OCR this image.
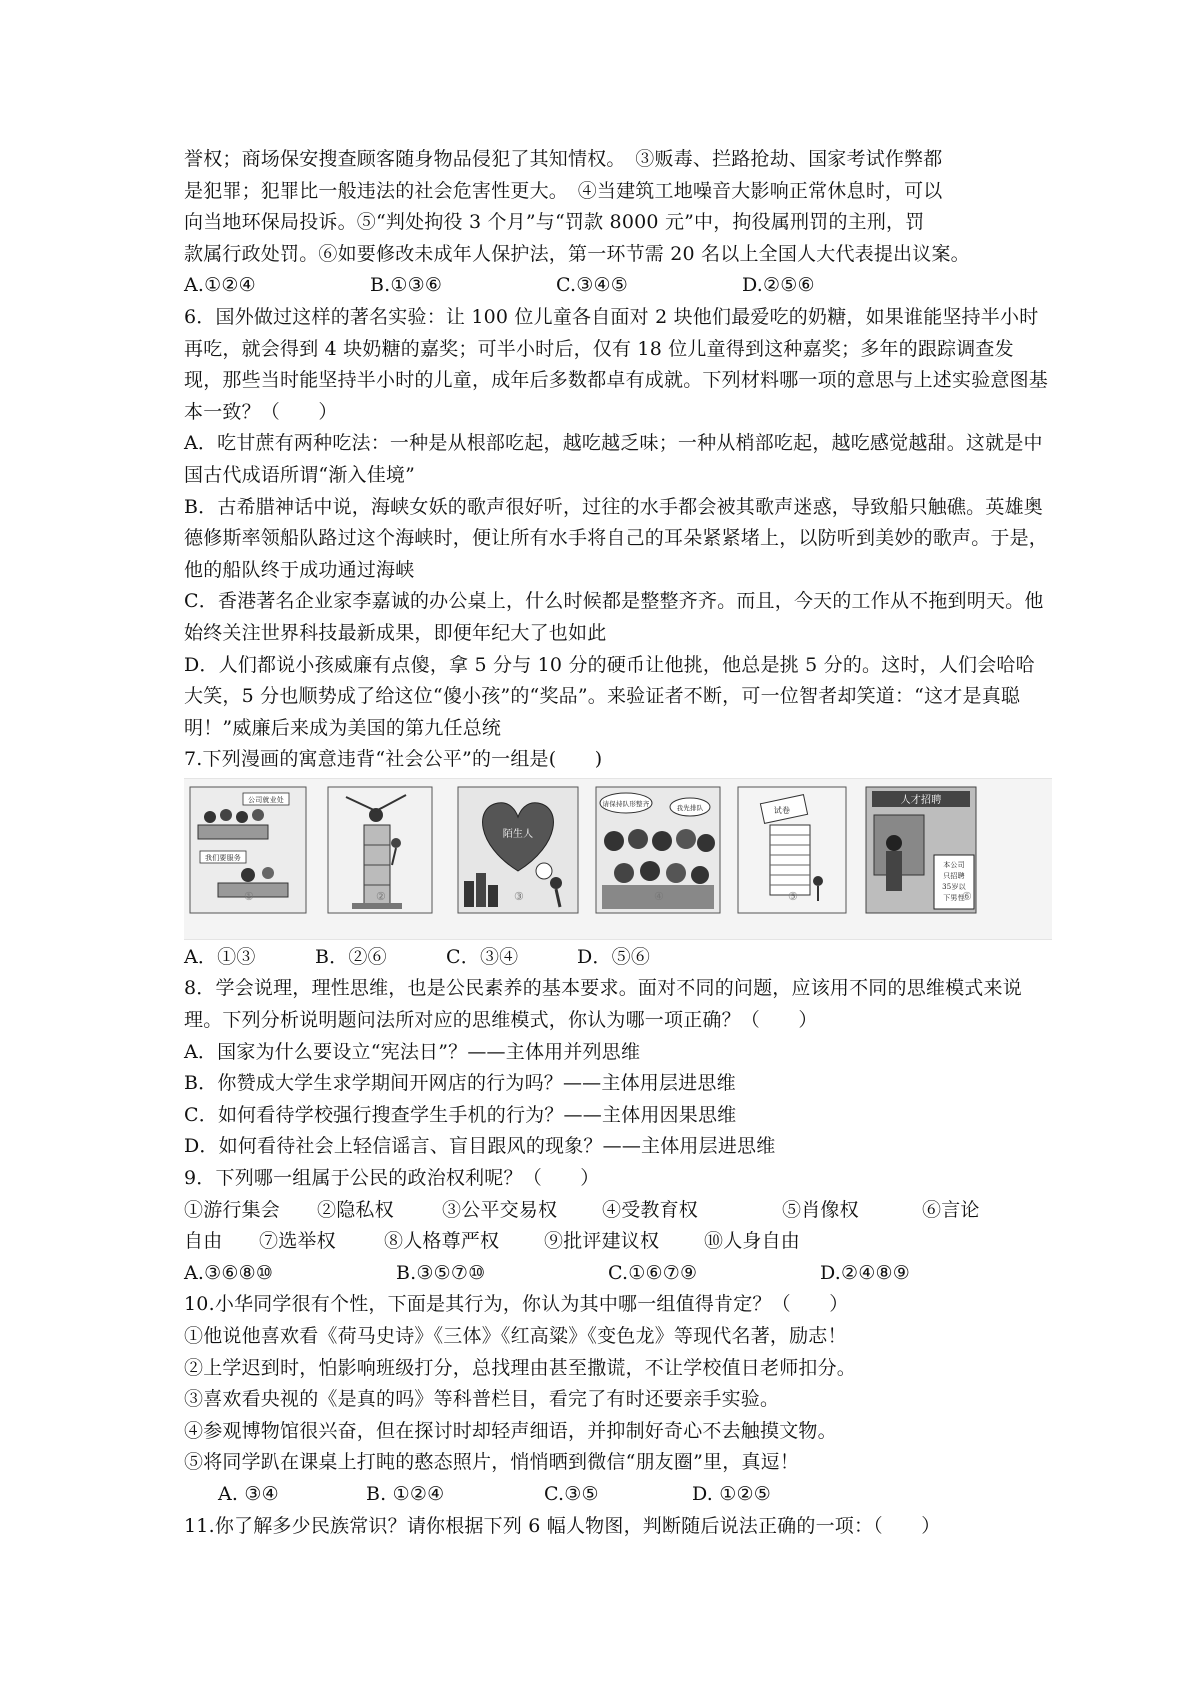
誉权；商场保安搜查顾客随身物品侵犯了其知情权。　③贩毒、拦路抢劫、国家考试作弊都

是犯罪；犯罪比一般违法的社会危害性更大。　④当建筑工地噪音大影响正常休息时，可以

向当地环保局投诉。⑤“判处拘役 3 个月”与“罚款 8000 元”中，拘役属刑罚的主刑，罚

款属行政处罚。⑥如要修改未成年人保护法，第一环节需 20 名以上全国人大代表提出议案。

A.①②④	B.①③⑥	C.③④⑤	D.②⑤⑥

6．国外做过这样的著名实验：让 100 位儿童各自面对 2 块他们最爱吃的奶糖，如果谁能坚持半小时再吃，就会得到 4 块奶糖的嘉奖；可半小时后，仅有 18 位儿童得到这种嘉奖；多年的跟踪调查发现，那些当时能坚持半小时的儿童，成年后多数都卓有成就。下列材料哪一项的意思与上述实验意图基本一致？（　　）

A．吃甘蔗有两种吃法：一种是从根部吃起，越吃越乏味；一种从梢部吃起，越吃感觉越甜。这就是中国古代成语所谓“渐入佳境”

B．古希腊神话中说，海峡女妖的歌声很好听，过往的水手都会被其歌声迷惑，导致船只触礁。英雄奥德修斯率领船队路过这个海峡时，便让所有水手将自己的耳朵紧紧堵上，以防听到美妙的歌声。于是，他的船队终于成功通过海峡

C．香港著名企业家李嘉诚的办公桌上，什么时候都是整整齐齐。而且，今天的工作从不拖到明天。他始终关注世界科技最新成果，即便年纪大了也如此

D．人们都说小孩威廉有点傻，拿 5 分与 10 分的硬币让他挑，他总是挑 5 分的。这时，人们会哈哈大笑，5 分也顺势成了给这位“傻小孩”的“奖品”。来验证者不断，可一位智者却笑道：“这才是真聪明！”威廉后来成为美国的第九任总统

7.下列漫画的寓意违背“社会公平”的一组是(　　)

公司就业处
我们要服务
①	②
陌生人
③
请保持队形整齐	我先排队
④
试卷
⑤
人才招聘
本公司
只招聘
35岁以
下男性
⑥
A．①③	B．②⑥	C．③④	D．⑤⑥

8．学会说理，理性思维，也是公民素养的基本要求。面对不同的问题，应该用不同的思维模式来说理。下列分析说明题问法所对应的思维模式，你认为哪一项正确？（　　）

A．国家为什么要设立“宪法日”？——主体用并列思维

B．你赞成大学生求学期间开网店的行为吗？——主体用层进思维

C．如何看待学校强行搜查学生手机的行为？——主体用因果思维

D．如何看待社会上轻信谣言、盲目跟风的现象？——主体用层进思维

9．下列哪一组属于公民的政治权利呢？（　　）

①游行集会	②隐私权	③公平交易权	④受教育权	⑤肖像权	⑥言论
自由	⑦选举权	⑧人格尊严权	⑨批评建议权	⑩人身自由
A.③⑥⑧⑩	B.③⑤⑦⑩	C.①⑥⑦⑨	D.②④⑧⑨

10.小华同学很有个性，下面是其行为，你认为其中哪一组值得肯定？（　　）

①他说他喜欢看《荷马史诗》《三体》《红高粱》《变色龙》等现代名著，励志！

②上学迟到时，怕影响班级打分，总找理由甚至撒谎，不让学校值日老师扣分。

③喜欢看央视的《是真的吗》等科普栏目，看完了有时还要亲手实验。

④参观博物馆很兴奋，但在探讨时却轻声细语，并抑制好奇心不去触摸文物。

⑤将同学趴在课桌上打盹的憨态照片，悄悄晒到微信“朋友圈”里，真逗！

A. ③④	B. ①②④	C.③⑤	D. ①②⑤

11.你了解多少民族常识？请你根据下列 6 幅人物图，判断随后说法正确的一项：（　　）
